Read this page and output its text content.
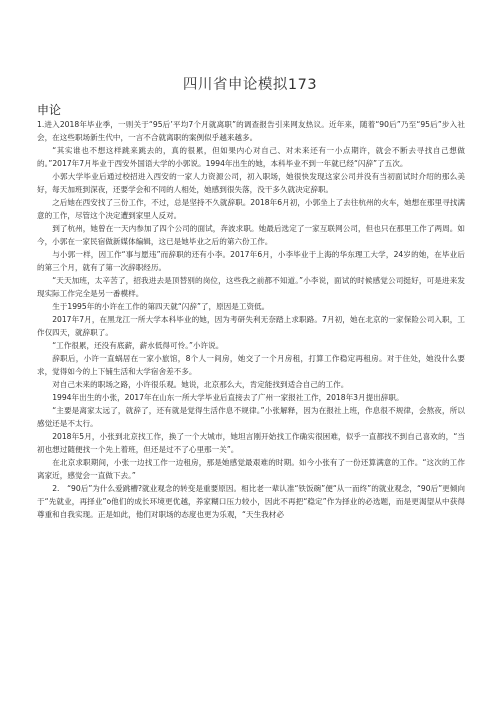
四川省申论模拟173
申论

1.进入2018年毕业季，一则关于“95后’平均7个月就离职”的调查报告引来网友热议。近年来，随着“90后”乃至“95后”步入社会，在这些职场新生代中，一言不合就离职的案例似乎越来越多。

“其实谁也不想这样跳来跳去的，真的很累，但如果内心对自己、对未来还有一小点期许，就会不断去寻找自己想做的。”2017年7月毕业于西安外国语大学的小郭说。1994年出生的她，本科毕业不到一年就已经“闪辞”了五次。

小郭大学毕业后通过校招进入西安的一家人力资源公司，初入职场，她很快发现这家公司并没有当初面试时介绍的那么美好，每天加班到深夜，还要学会和不同的人相处，她感到很失落，没干多久就决定辞职。

之后她在西安找了三份工作，不过，总是坚持不久就辞职。2018年6月初，小郭坐上了去往杭州的火车，她想在那里寻找满意的工作，尽管这个决定遭到家里人反对。

到了杭州，她曾在一天内参加了四个公司的面试，奔波求职。她最后选定了一家互联网公司，但也只在那里工作了两周。如今，小郭在一家民宿做新媒体编辑，这已是她毕业之后的第六份工作。

与小郭一样，因工作“事与愿违”而辞职的还有小李。2017年6月，小李毕业于上海的华东理工大学，24岁的她，在毕业后的第三个月，就有了第一次辞职经历。

“天天加班，太辛苦了，招我进去是顶替别的岗位，这些我之前都不知道。”小李说，面试的时候感觉公司挺好，可是进来发现实际工作完全是另一番模样。

生于1995年的小许在工作的第四天就“闪辞”了，原因是工资低。

2017年7月，在黑龙江一所大学本科毕业的她，因为考研失利无奈踏上求职路。7月初，她在北京的一家保险公司入职，工作仅四天，就辞职了。

“工作很累，还没有底薪，薪水低得可怜。”小许说。

辞职后，小许一直蜗居在一家小旅馆，8个人一间房，她交了一个月房租，打算工作稳定再租房。对于住处，她没什么要求，觉得如今的上下铺生活和大学宿舍差不多。

对自己未来的职场之路，小许很乐观。她说，北京那么大，肯定能找到适合自己的工作。

1994年出生的小张，2017年在山东一所大学毕业后直接去了广州一家报社工作，2018年3月提出辞职。

“主要是离家太远了，就辞了，还有就是觉得生活作息不规律。”小张解释，因为在报社上班，作息很不规律，会熬夜，所以感觉还是不太行。

2018年5月，小张到北京找工作，换了一个大城市，她坦言刚开始找工作确实很困难，似乎一直都找不到自己喜欢的，“当初也想过随便找一个先上着班，但还是过不了心里那一关”。

在北京求职期间，小张一边找工作一边租房，那是她感觉最艰难的时期。如今小张有了一份还算满意的工作。“这次的工作离家近，感觉会一直做下去。”

2.　“90后”为什么爱跳槽?就业观念的转变是重要原因。相比老一辈认准“铁饭碗”便“从一而终”的就业观念，“90后”更倾向于“先就业，再择业”o他们的成长环境更优越，养家糊口压力较小，因此不再把“稳定”作为择业的必选题，而是更渴望从中获得尊重和自我实现。正是如此，他们对职场的态度也更为乐观，“天生我材必
